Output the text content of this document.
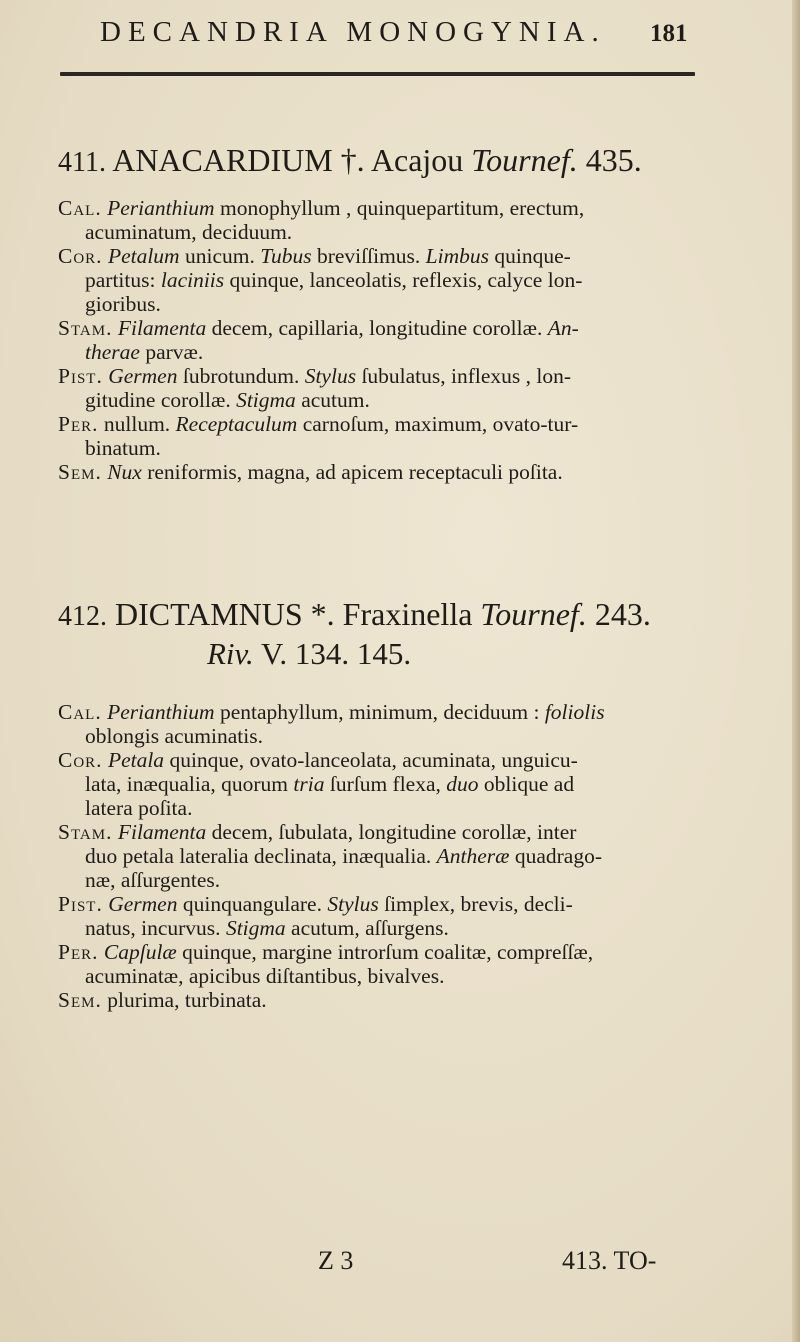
DECANDRIA MONOGYNIA. 181
411. ANACARDIUM †. Acajou Tournef. 435.
Cal. Perianthium monophyllum , quinquepartitum, erectum,
acuminatum, deciduum.
Cor. Petalum unicum. Tubus breviſſimus. Limbus quinque-
partitus: laciniis quinque, lanceolatis, reflexis, calyce lon-
gioribus.
Stam. Filamenta decem, capillaria, longitudine corollæ. An-
therae parvæ.
Pist. Germen ſubrotundum. Stylus ſubulatus, inflexus , lon-
gitudine corollæ. Stigma acutum.
Per. nullum. Receptaculum carnoſum, maximum, ovato-tur-
binatum.
Sem. Nux reniformis, magna, ad apicem receptaculi poſita.
412. DICTAMNUS *. Fraxinella Tournef. 243.
Riv. V. 134. 145.
Cal. Perianthium pentaphyllum, minimum, deciduum : foliolis
oblongis acuminatis.
Cor. Petala quinque, ovato-lanceolata, acuminata, unguicu-
lata, inæqualia, quorum tria ſurſum flexa, duo oblique ad
latera poſita.
Stam. Filamenta decem, ſubulata, longitudine corollæ, inter
duo petala lateralia declinata, inæqualia. Antheræ quadrago-
næ, aſſurgentes.
Pist. Germen quinquangulare. Stylus ſimplex, brevis, decli-
natus, incurvus. Stigma acutum, aſſurgens.
Per. Capſulæ quinque, margine introrſum coalitæ, compreſſæ,
acuminatæ, apicibus diſtantibus, bivalves.
Sem. plurima, turbinata.
Z 3	413. TO-
